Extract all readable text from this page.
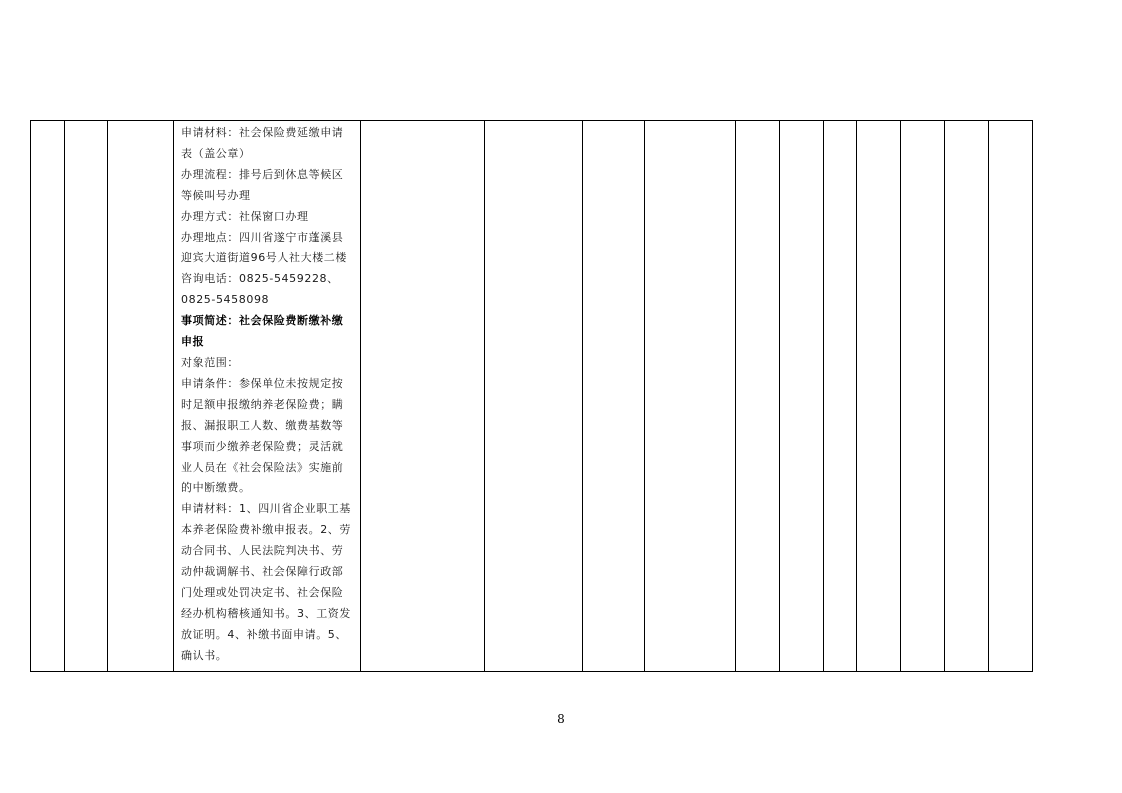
申请材料：社会保险费延缴申请
表（盖公章）
办理流程：排号后到休息等候区
等候叫号办理
办理方式：社保窗口办理
办理地点：四川省遂宁市蓬溪县
迎宾大道街道96号人社大楼二楼
咨询电话：0825-5459228、
0825-5458098
事项简述：社会保险费断缴补缴
申报
对象范围：
申请条件：参保单位未按规定按
时足额申报缴纳养老保险费；瞒
报、漏报职工人数、缴费基数等
事项而少缴养老保险费；灵活就
业人员在《社会保险法》实施前
的中断缴费。
申请材料：1、四川省企业职工基
本养老保险费补缴申报表。2、劳
动合同书、人民法院判决书、劳
动仲裁调解书、社会保障行政部
门处理或处罚决定书、社会保险
经办机构稽核通知书。3、工资发
放证明。4、补缴书面申请。5、
确认书。

8
